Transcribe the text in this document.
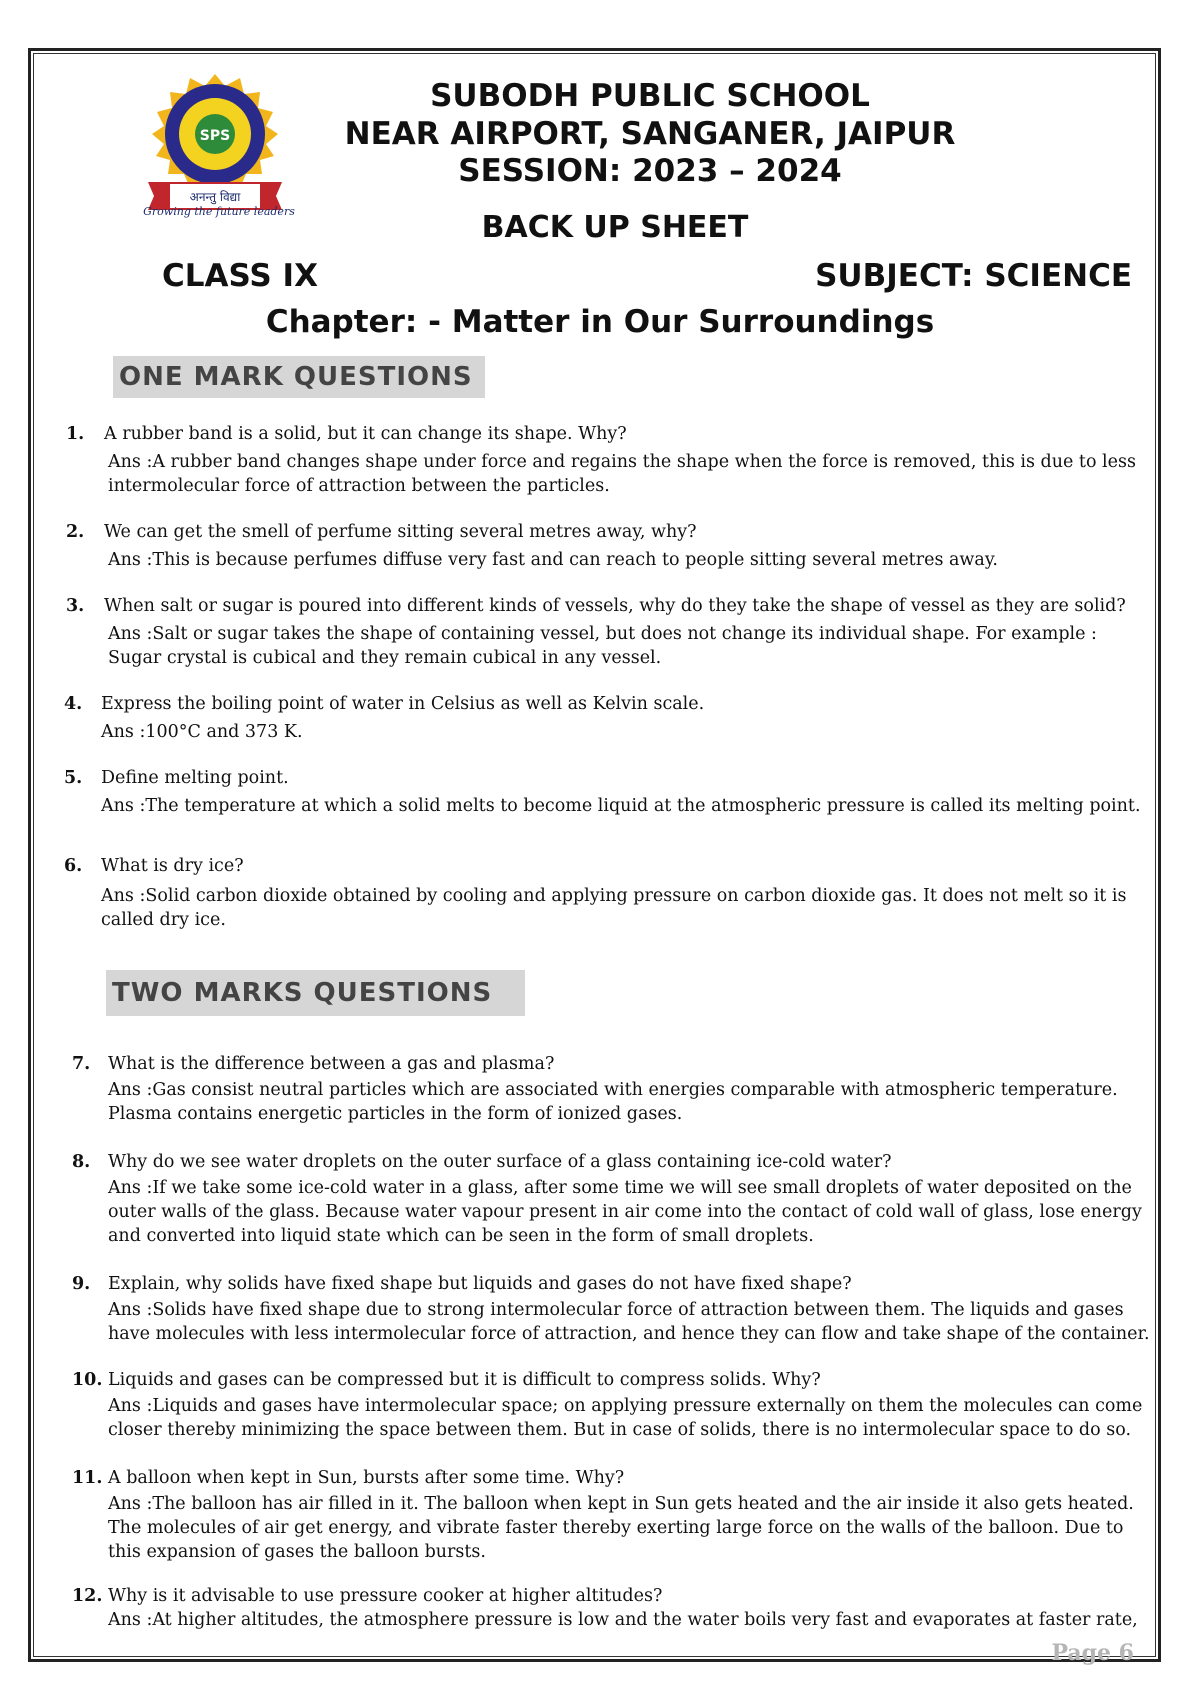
SPS
अनन्तु विद्या
Growing the future leaders
SUBODH PUBLIC SCHOOL
NEAR AIRPORT, SANGANER, JAIPUR
SESSION: 2023 – 2024
BACK UP SHEET
CLASS IX	SUBJECT: SCIENCE
Chapter: - Matter in Our Surroundings
ONE MARK QUESTIONS
1. A rubber band is a solid, but it can change its shape. Why?
Ans :A rubber band changes shape under force and regains the shape when the force is removed, this is due to less intermolecular force of attraction between the particles.
2. We can get the smell of perfume sitting several metres away, why?
Ans :This is because perfumes diffuse very fast and can reach to people sitting several metres away.
3. When salt or sugar is poured into different kinds of vessels, why do they take the shape of vessel as they are solid?
Ans :Salt or sugar takes the shape of containing vessel, but does not change its individual shape. For example : Sugar crystal is cubical and they remain cubical in any vessel.
4. Express the boiling point of water in Celsius as well as Kelvin scale.
Ans :100°C and 373 K.
5. Define melting point.
Ans :The temperature at which a solid melts to become liquid at the atmospheric pressure is called its melting point.
6. What is dry ice?
Ans :Solid carbon dioxide obtained by cooling and applying pressure on carbon dioxide gas. It does not melt so it is called dry ice.
TWO MARKS QUESTIONS
7. What is the difference between a gas and plasma?
Ans :Gas consist neutral particles which are associated with energies comparable with atmospheric temperature. Plasma contains energetic particles in the form of ionized gases.
8. Why do we see water droplets on the outer surface of a glass containing ice-cold water?
Ans :If we take some ice-cold water in a glass, after some time we will see small droplets of water deposited on the outer walls of the glass. Because water vapour present in air come into the contact of cold wall of glass, lose energy and converted into liquid state which can be seen in the form of small droplets.
9. Explain, why solids have fixed shape but liquids and gases do not have fixed shape?
Ans :Solids have fixed shape due to strong intermolecular force of attraction between them. The liquids and gases have molecules with less intermolecular force of attraction, and hence they can flow and take shape of the container.
10. Liquids and gases can be compressed but it is difficult to compress solids. Why?
Ans :Liquids and gases have intermolecular space; on applying pressure externally on them the molecules can come closer thereby minimizing the space between them. But in case of solids, there is no intermolecular space to do so.
11. A balloon when kept in Sun, bursts after some time. Why?
Ans :The balloon has air filled in it. The balloon when kept in Sun gets heated and the air inside it also gets heated. The molecules of air get energy, and vibrate faster thereby exerting large force on the walls of the balloon. Due to this expansion of gases the balloon bursts.
12. Why is it advisable to use pressure cooker at higher altitudes?
Ans :At higher altitudes, the atmosphere pressure is low and the water boils very fast and evaporates at faster rate,
Page 6
